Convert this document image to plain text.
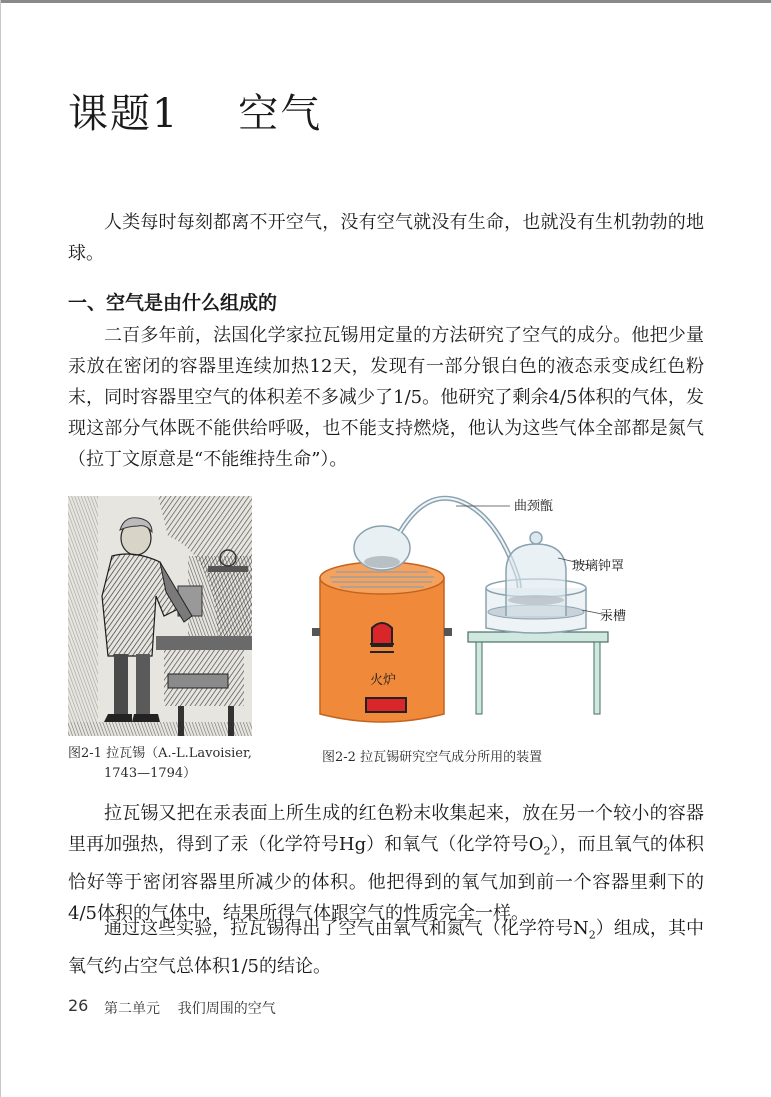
课题1    空气

人类每时每刻都离不开空气，没有空气就没有生命，也就没有生机勃勃的地球。

一、空气是由什么组成的

二百多年前，法国化学家拉瓦锡用定量的方法研究了空气的成分。他把少量汞放在密闭的容器里连续加热12天，发现有一部分银白色的液态汞变成红色粉末，同时容器里空气的体积差不多减少了1/5。他研究了剩余4/5体积的气体，发现这部分气体既不能供给呼吸，也不能支持燃烧，他认为这些气体全部都是氮气（拉丁文原意是“不能维持生命”）。

图2-1 拉瓦锡（A.-L.Lavoisier,
1743—1794）
火炉
曲颈甑
玻璃钟罩
汞槽
图2-2 拉瓦锡研究空气成分所用的装置

拉瓦锡又把在汞表面上所生成的红色粉末收集起来，放在另一个较小的容器里再加强热，得到了汞（化学符号Hg）和氧气（化学符号$O_2$），而且氧气的体积恰好等于密闭容器里所减少的体积。他把得到的氧气加到前一个容器里剩下的4/5体积的气体中，结果所得气体跟空气的性质完全一样。

通过这些实验，拉瓦锡得出了空气由氧气和氮气（化学符号$N_2$）组成，其中氧气约占空气总体积1/5的结论。

26 第二单元    我们周围的空气
